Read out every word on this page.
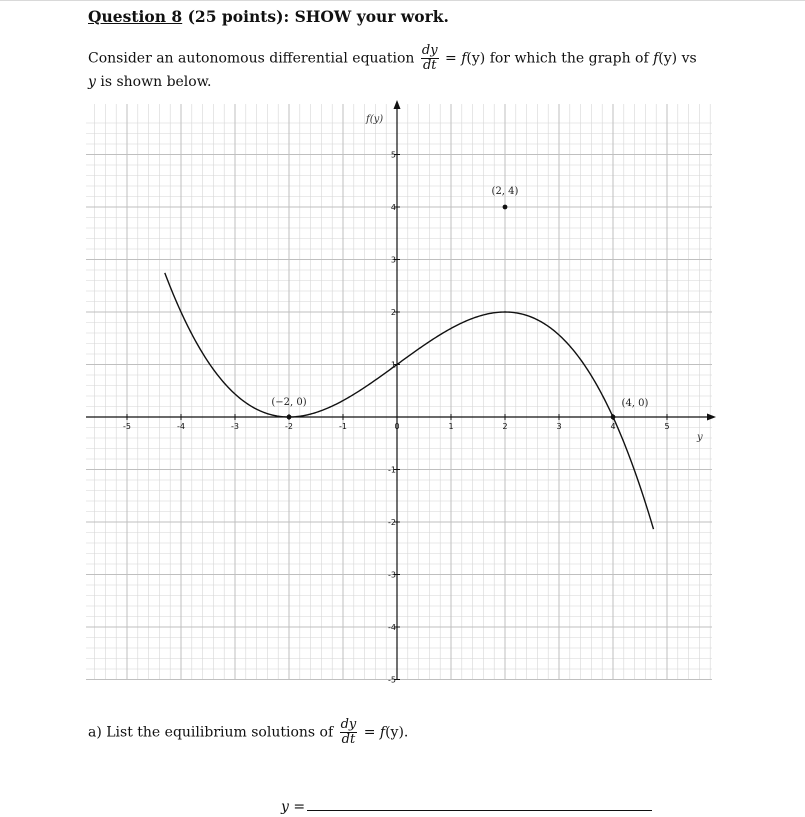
Question 8 (25 points): SHOW your work.
Consider an autonomous differential equation $\frac{dy}{dt} = f(y)$ for which the graph of f(y) vs
y is shown below.
y
f(y)
-5	-4	-3	-2	-1	0	1	2	3	4	5
-5
-4
-3
-2
-1
1
2
3
4
5
(−2, 0)
(2, 4)
(4, 0)
a) List the equilibrium solutions of $\frac{dy}{dt} = f(y)$.
y =
